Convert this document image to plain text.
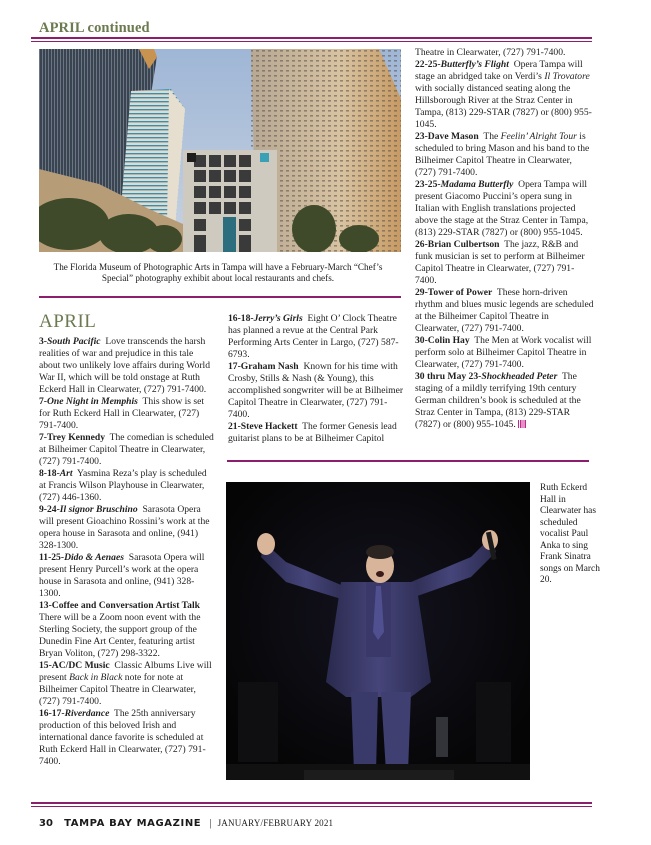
APRIL continued
The Florida Museum of Photographic Arts in Tampa will have a February-March “Chef’s Special” photography exhibit about local restaurants and chefs.
APRIL

3-South Pacific Love transcends the harsh realities of war and prejudice in this tale about two unlikely love affairs during World War II, which will be told onstage at Ruth Eckerd Hall in Clearwater, (727) 791-7400.

7-One Night in Memphis This show is set for Ruth Eckerd Hall in Clearwater, (727) 791-7400.

7-Trey Kennedy The comedian is scheduled at Bilheimer Capitol Theatre in Clearwater, (727) 791-7400.

8-18-Art Yasmina Reza’s play is scheduled at Francis Wilson Playhouse in Clearwater, (727) 446-1360.

9-24-Il signor Bruschino Sarasota Opera will present Gioachino Rossini’s work at the opera house in Sarasota and online, (941) 328-1300.

11-25-Dido & Aenaes Sarasota Opera will present Henry Purcell’s work at the opera house in Sarasota and online, (941) 328-1300.

13-Coffee and Conversation Artist Talk  There will be a Zoom noon event with the Sterling Society, the support group of the Dunedin Fine Art Center, featuring artist Bryan Voliton, (727) 298-3322.

15-AC/DC Music Classic Albums Live will present Back in Black note for note at Bilheimer Capitol Theatre in Clearwater, (727) 791-7400.

16-17-Riverdance The 25th anniversary production of this beloved Irish and international dance favorite is scheduled at Ruth Eckerd Hall in Clearwater, (727) 791-7400.

16-18-Jerry’s Girls Eight O’ Clock Theatre has planned a revue at the Central Park Performing Arts Center in Largo, (727) 587-6793.

17-Graham Nash Known for his time with Crosby, Stills & Nash (& Young), this accomplished songwriter will be at Bilheimer Capitol Theatre in Clearwater, (727) 791-7400.

21-Steve Hackett The former Genesis lead guitarist plans to be at Bilheimer Capitol

Theatre in Clearwater, (727) 791-7400.

22-25-Butterfly’s Flight Opera Tampa will stage an abridged take on Verdi’s Il Trovatore with socially distanced seating along the Hillsborough River at the Straz Center in Tampa, (813) 229-STAR (7827) or (800) 955-1045.

23-Dave Mason The Feelin’ Alright Tour is scheduled to bring Mason and his band to the Bilheimer Capitol Theatre in Clearwater, (727) 791-7400.

23-25-Madama Butterfly Opera Tampa will present Giacomo Puccini’s opera sung in Italian with English translations projected above the stage at the Straz Center in Tampa, (813) 229-STAR (7827) or (800) 955-1045.

26-Brian Culbertson The jazz, R&B and funk musician is set to perform at Bilheimer Capitol Theatre in Clearwater, (727) 791-7400.

29-Tower of Power These horn-driven rhythm and blues music legends are scheduled at the Bilheimer Capitol Theatre in Clearwater, (727) 791-7400.

30-Colin Hay The Men at Work vocalist will perform solo at Bilheimer Capitol Theatre in Clearwater, (727) 791-7400.

30 thru May 23-Shockheaded Peter The staging of a mildly terrifying 19th century German children’s book is scheduled at the Straz Center in Tampa, (813) 229-STAR (7827) or (800) 955-1045.

Ruth Eckerd Hall in Clearwater has scheduled vocalist Paul Anka to sing Frank Sinatra songs on March 20.
30 TAMPA BAY MAGAZINE | JANUARY/FEBRUARY 2021
